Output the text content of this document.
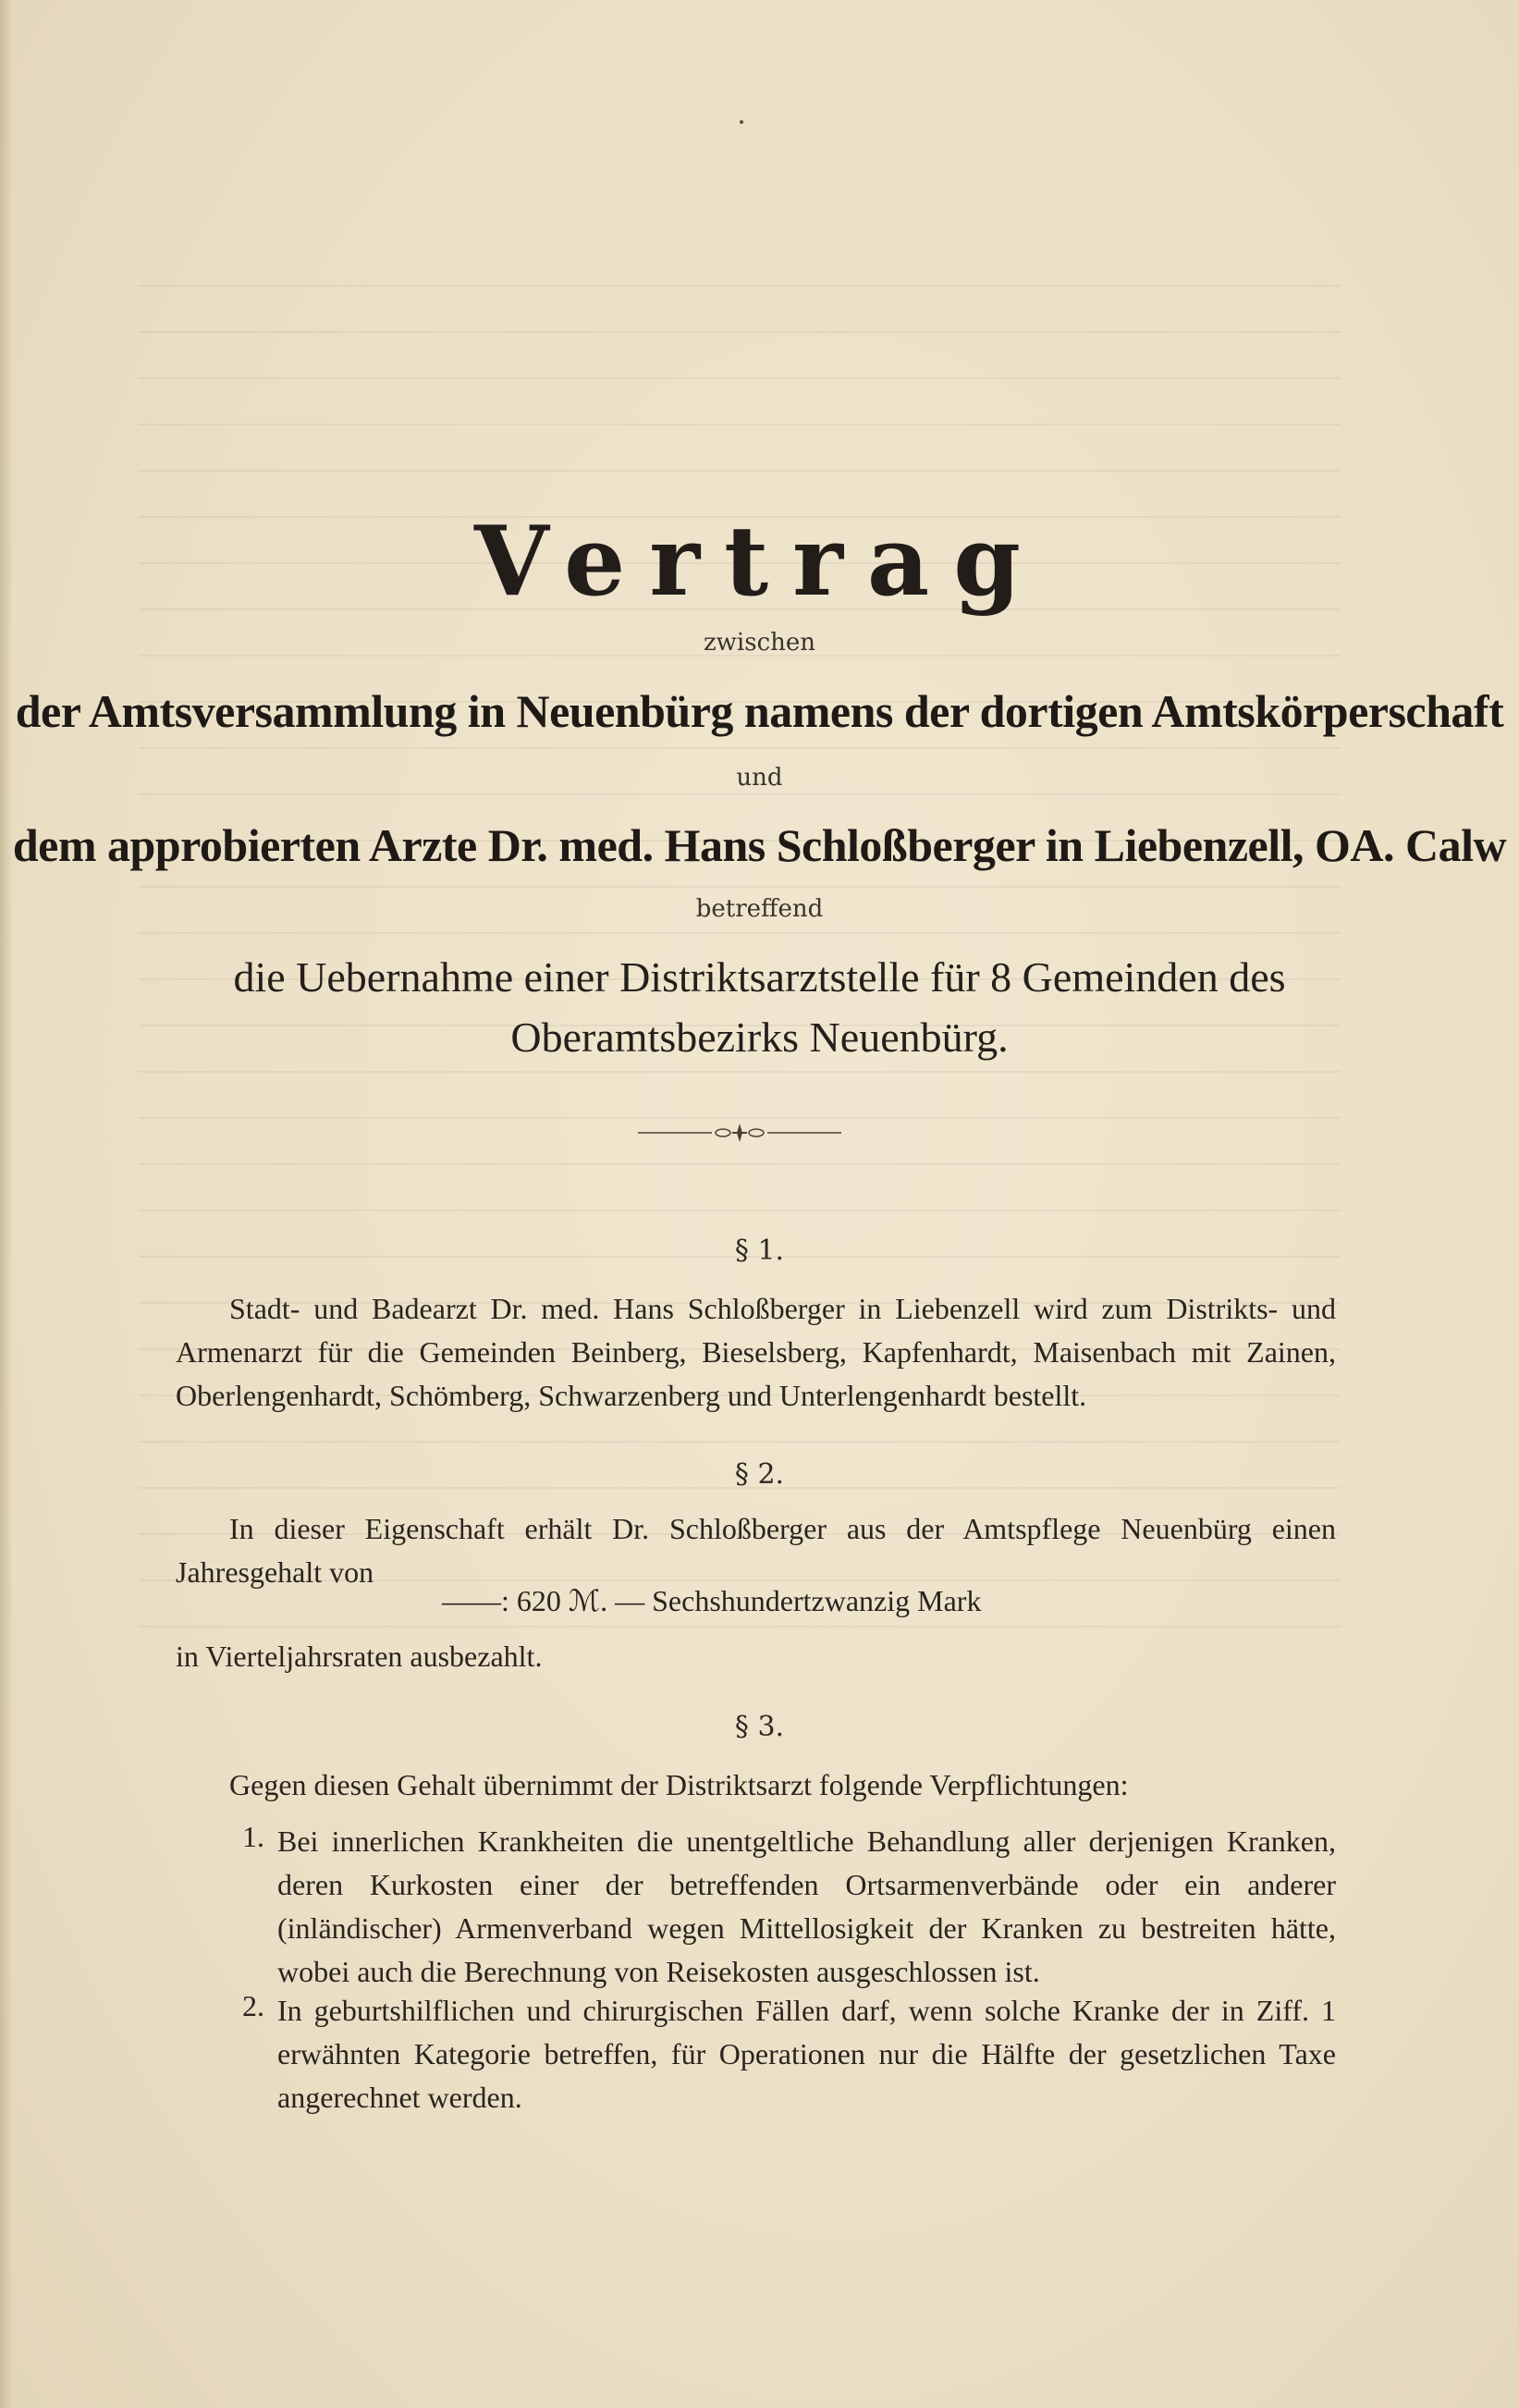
Vertrag
zwischen
der Amtsversammlung in Neuenbürg namens der dortigen Amtskörperschaft
und
dem approbierten Arzte Dr. med. Hans Schloßberger in Liebenzell, OA. Calw
betreffend
die Uebernahme einer Distriktsarztstelle für 8 Gemeinden des
Oberamtsbezirks Neuenbürg.
§ 1.
Stadt- und Badearzt Dr. med. Hans Schloßberger in Liebenzell wird zum Distrikts- und Armenarzt für die Gemeinden Beinberg, Bieselsberg, Kapfenhardt, Maisenbach mit Zainen, Oberlengenhardt, Schömberg, Schwarzenberg und Unterlengenhardt bestellt.
§ 2.
In dieser Eigenschaft erhält Dr. Schloßberger aus der Amtspflege Neuenbürg einen Jahresgehalt von
——: 620 ℳ. — Sechshundertzwanzig Mark
in Vierteljahrsraten ausbezahlt.
§ 3.
Gegen diesen Gehalt übernimmt der Distriktsarzt folgende Verpflichtungen:
1. Bei innerlichen Krankheiten die unentgeltliche Behandlung aller derjenigen Kranken, deren Kurkosten einer der betreffenden Ortsarmenverbände oder ein anderer (inländischer) Armenverband wegen Mittellosigkeit der Kranken zu bestreiten hätte, wobei auch die Berechnung von Reisekosten ausgeschlossen ist.
2. In geburtshilflichen und chirurgischen Fällen darf, wenn solche Kranke der in Ziff. 1 erwähnten Kategorie betreffen, für Operationen nur die Hälfte der gesetzlichen Taxe angerechnet werden.
